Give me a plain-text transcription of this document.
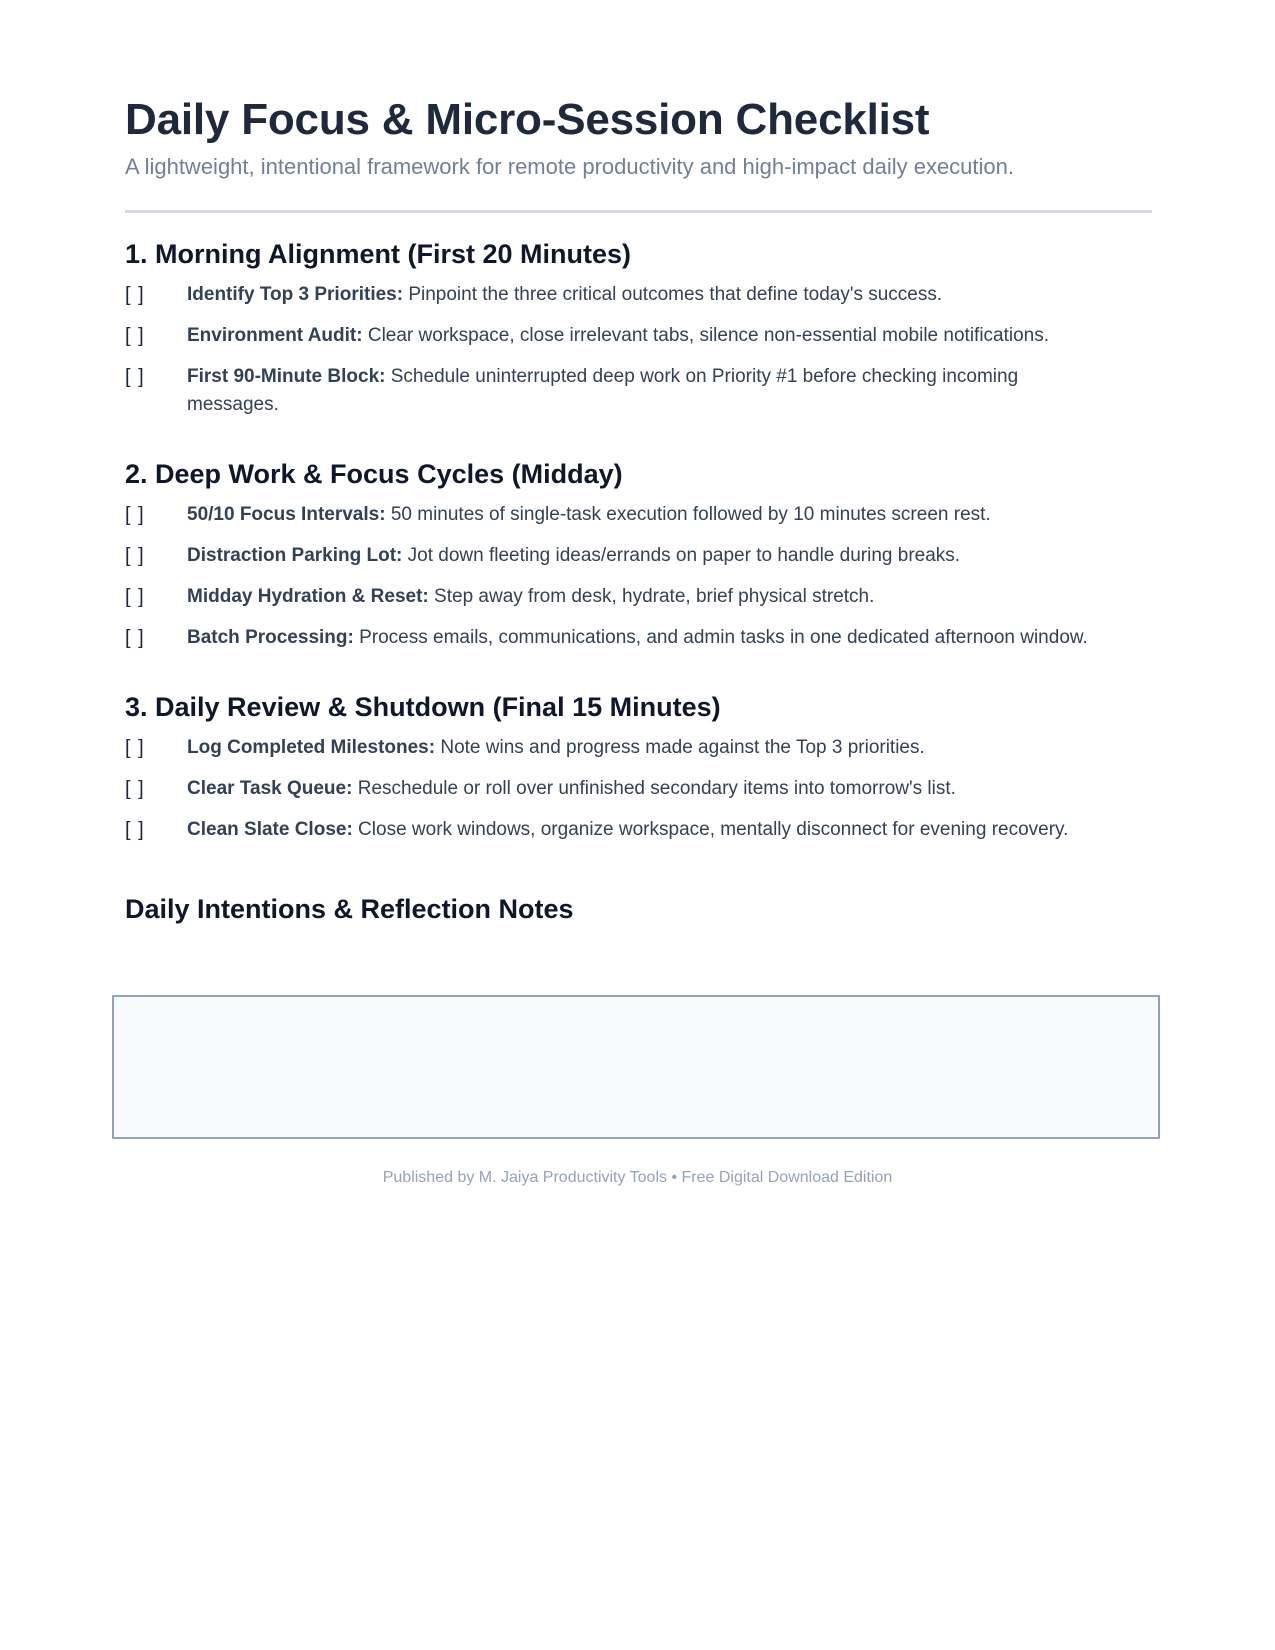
Daily Focus & Micro-Session Checklist
A lightweight, intentional framework for remote productivity and high-impact daily execution.
1. Morning Alignment (First 20 Minutes)
[ ]	Identify Top 3 Priorities: Pinpoint the three critical outcomes that define today's success.
[ ]	Environment Audit: Clear workspace, close irrelevant tabs, silence non-essential mobile notifications.
[ ]	First 90-Minute Block: Schedule uninterrupted deep work on Priority #1 before checking incoming messages.
2. Deep Work & Focus Cycles (Midday)
[ ]	50/10 Focus Intervals: 50 minutes of single-task execution followed by 10 minutes screen rest.
[ ]	Distraction Parking Lot: Jot down fleeting ideas/errands on paper to handle during breaks.
[ ]	Midday Hydration & Reset: Step away from desk, hydrate, brief physical stretch.
[ ]	Batch Processing: Process emails, communications, and admin tasks in one dedicated afternoon window.
3. Daily Review & Shutdown (Final 15 Minutes)
[ ]	Log Completed Milestones: Note wins and progress made against the Top 3 priorities.
[ ]	Clear Task Queue: Reschedule or roll over unfinished secondary items into tomorrow's list.
[ ]	Clean Slate Close: Close work windows, organize workspace, mentally disconnect for evening recovery.
Daily Intentions & Reflection Notes
Published by M. Jaiya Productivity Tools • Free Digital Download Edition
